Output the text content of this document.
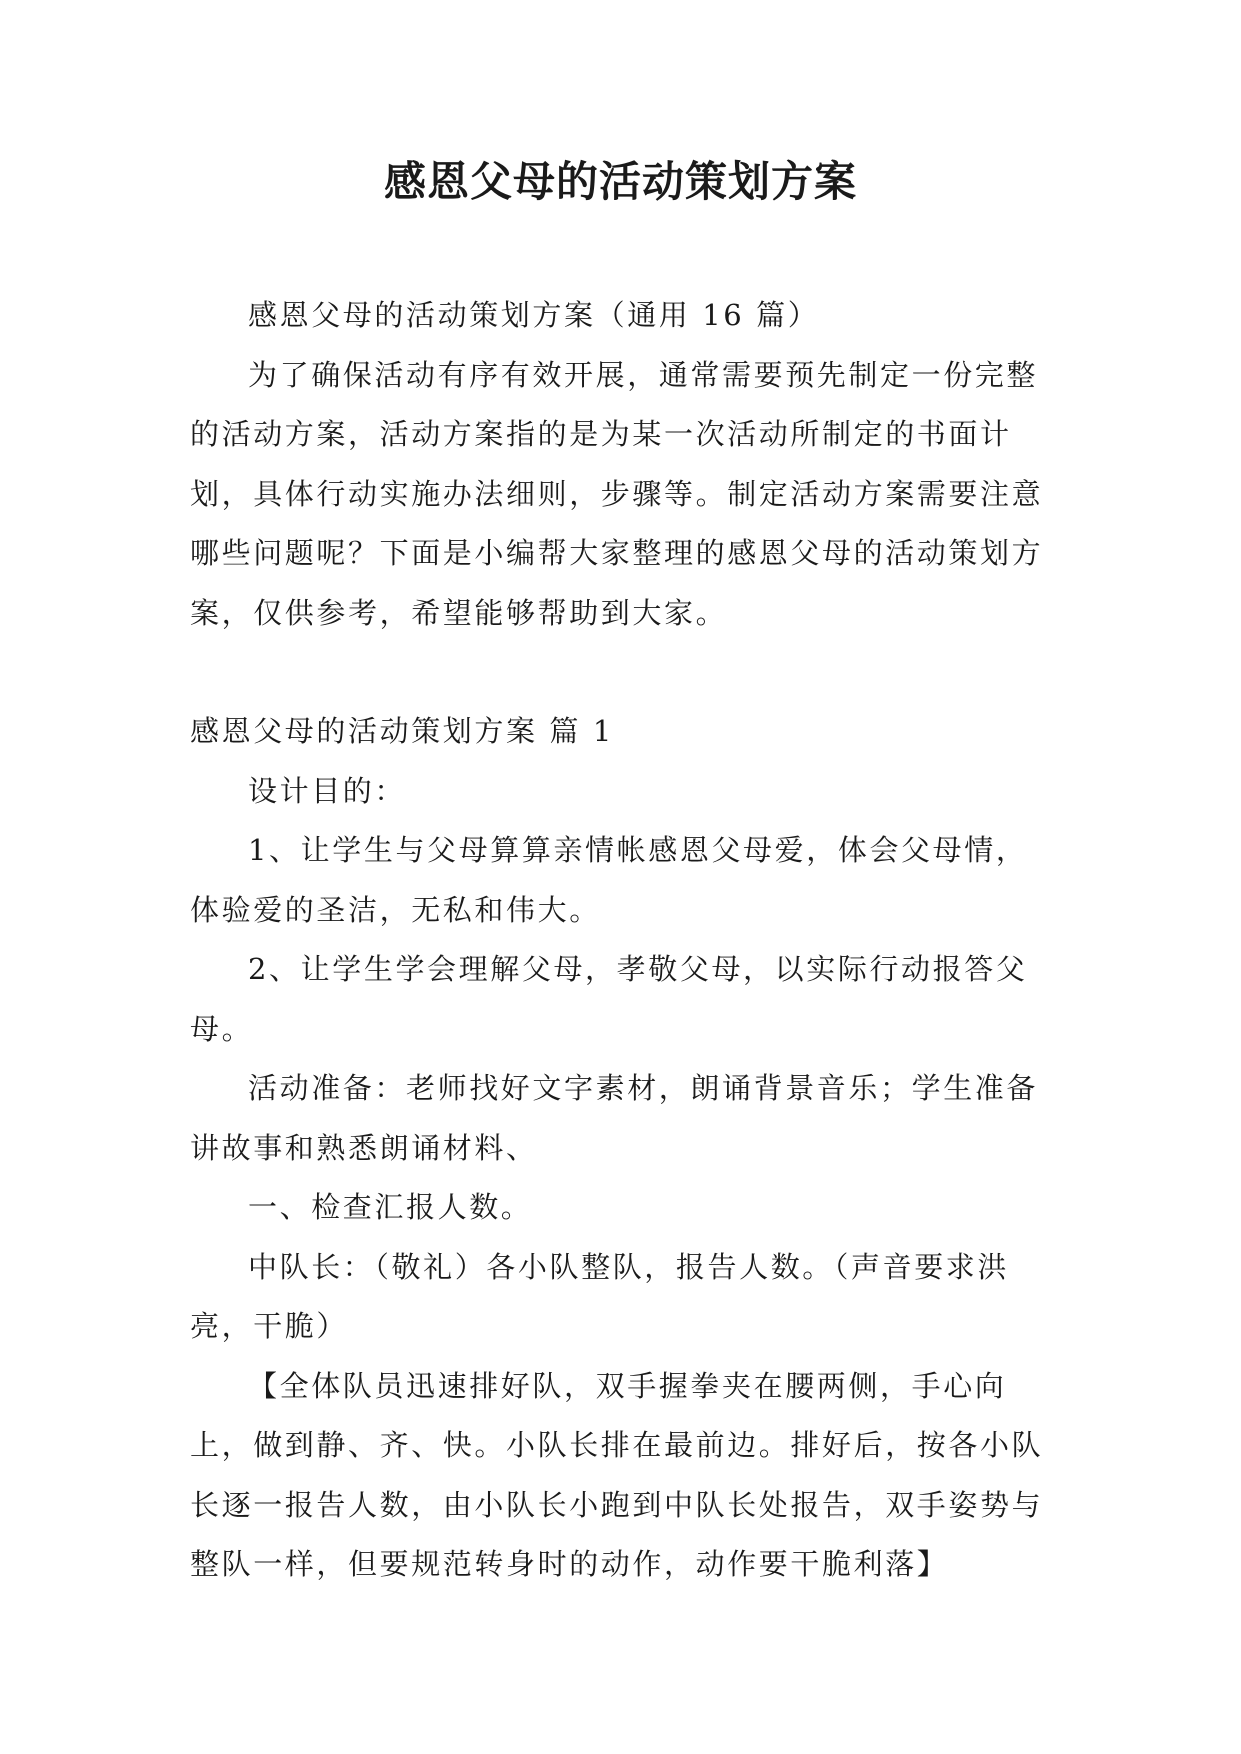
感恩父母的活动策划方案

感恩父母的活动策划方案（通用 16 篇）

为了确保活动有序有效开展，通常需要预先制定一份完整的活动方案，活动方案指的是为某一次活动所制定的书面计划，具体行动实施办法细则，步骤等。制定活动方案需要注意哪些问题呢？下面是小编帮大家整理的感恩父母的活动策划方案，仅供参考，希望能够帮助到大家。

感恩父母的活动策划方案 篇 1

设计目的：

1、让学生与父母算算亲情帐感恩父母爱，体会父母情，体验爱的圣洁，无私和伟大。

2、让学生学会理解父母，孝敬父母，以实际行动报答父母。

活动准备：老师找好文字素材，朗诵背景音乐；学生准备讲故事和熟悉朗诵材料、

一、检查汇报人数。

中队长：（敬礼）各小队整队，报告人数。（声音要求洪亮，干脆）

【全体队员迅速排好队，双手握拳夹在腰两侧，手心向上，做到静、齐、快。小队长排在最前边。排好后，按各小队长逐一报告人数，由小队长小跑到中队长处报告，双手姿势与整队一样，但要规范转身时的动作，动作要干脆利落】
